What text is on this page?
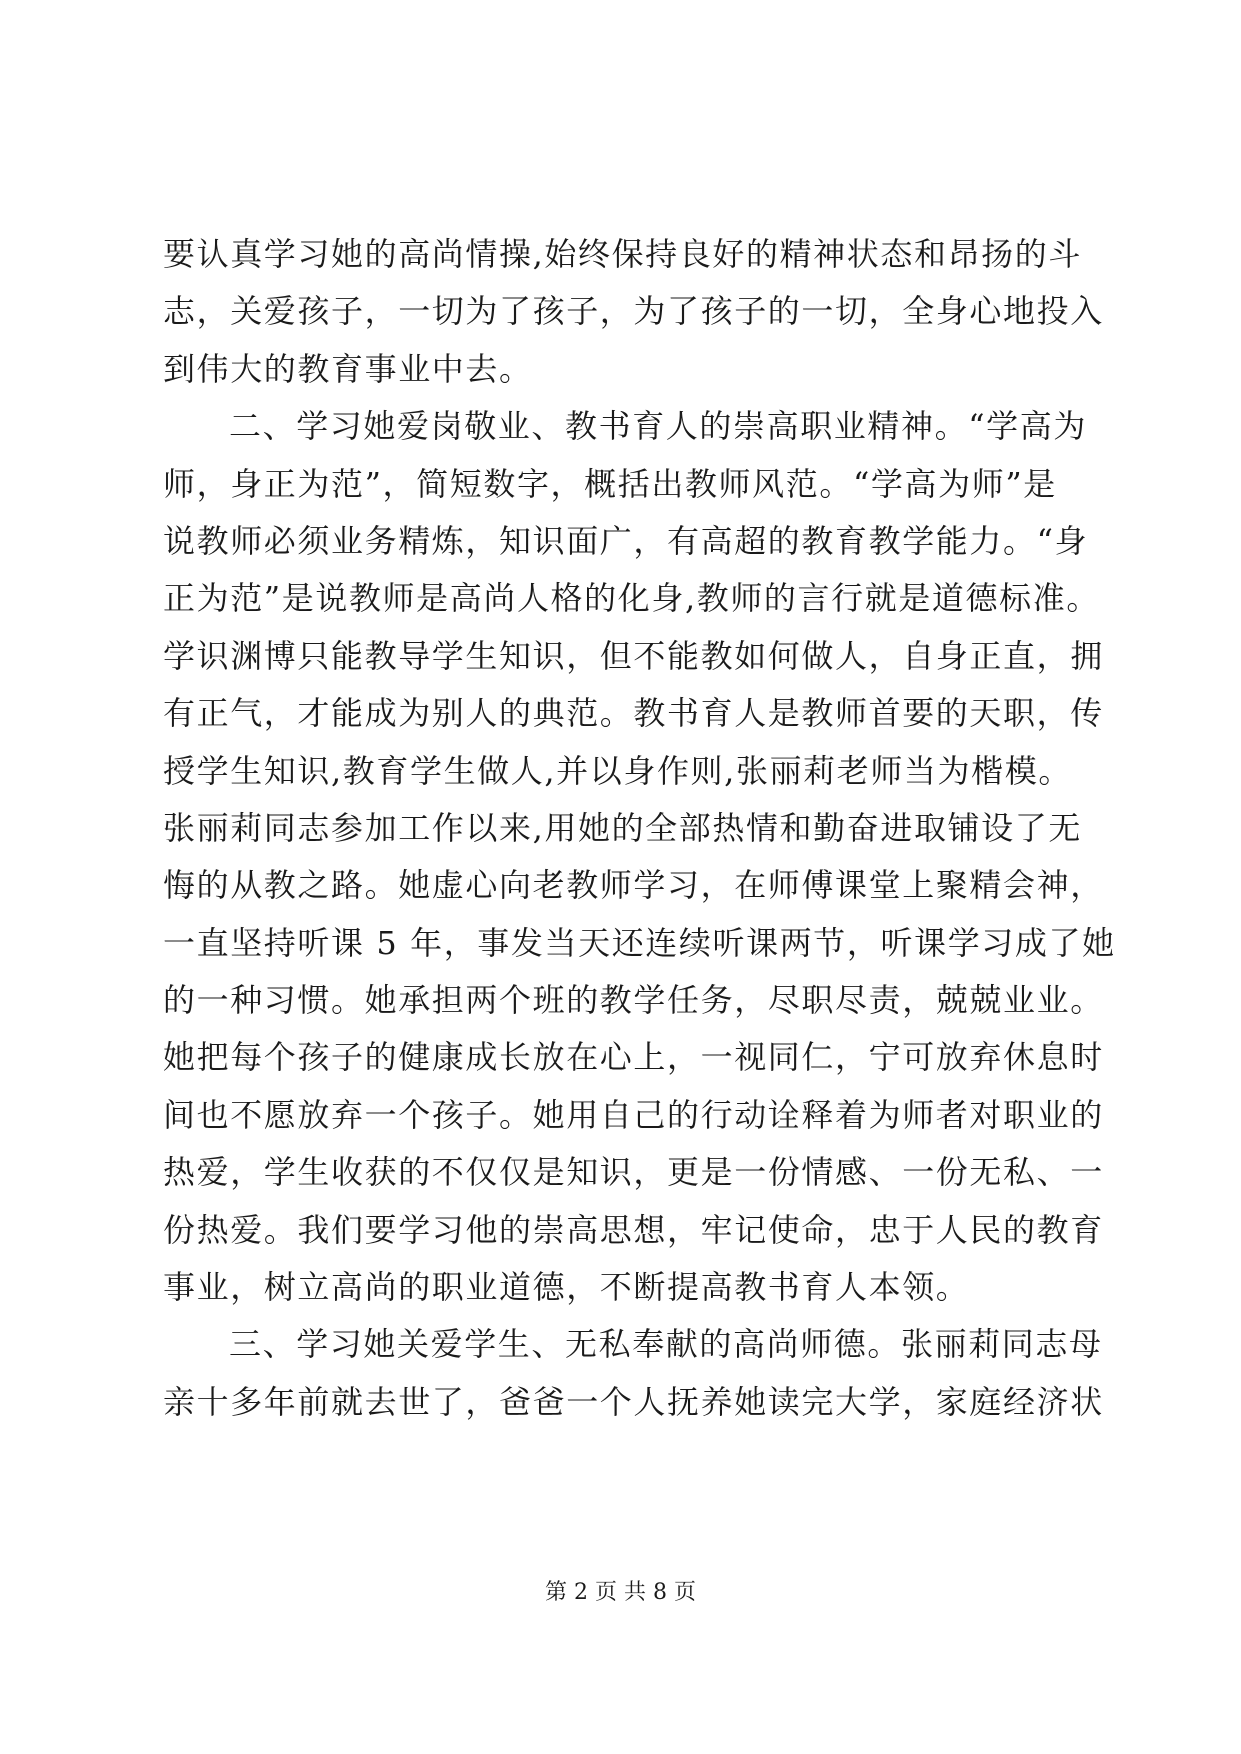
要认真学习她的高尚情操,始终保持良好的精神状态和昂扬的斗
志，关爱孩子，一切为了孩子，为了孩子的一切，全身心地投入
到伟大的教育事业中去。
二、学习她爱岗敬业、教书育人的崇高职业精神。“学高为
师，身正为范”，简短数字，概括出教师风范。“学高为师”是
说教师必须业务精炼，知识面广，有高超的教育教学能力。“身
正为范”是说教师是高尚人格的化身,教师的言行就是道德标准。
学识渊博只能教导学生知识，但不能教如何做人，自身正直，拥
有正气，才能成为别人的典范。教书育人是教师首要的天职，传
授学生知识,教育学生做人,并以身作则,张丽莉老师当为楷模。
张丽莉同志参加工作以来,用她的全部热情和勤奋进取铺设了无
悔的从教之路。她虚心向老教师学习，在师傅课堂上聚精会神，
一直坚持听课 5 年，事发当天还连续听课两节，听课学习成了她
的一种习惯。她承担两个班的教学任务，尽职尽责，兢兢业业。
她把每个孩子的健康成长放在心上，一视同仁，宁可放弃休息时
间也不愿放弃一个孩子。她用自己的行动诠释着为师者对职业的
热爱，学生收获的不仅仅是知识，更是一份情感、一份无私、一
份热爱。我们要学习他的崇高思想，牢记使命，忠于人民的教育
事业，树立高尚的职业道德，不断提高教书育人本领。
三、学习她关爱学生、无私奉献的高尚师德。张丽莉同志母
亲十多年前就去世了，爸爸一个人抚养她读完大学，家庭经济状
第 2 页 共 8 页
